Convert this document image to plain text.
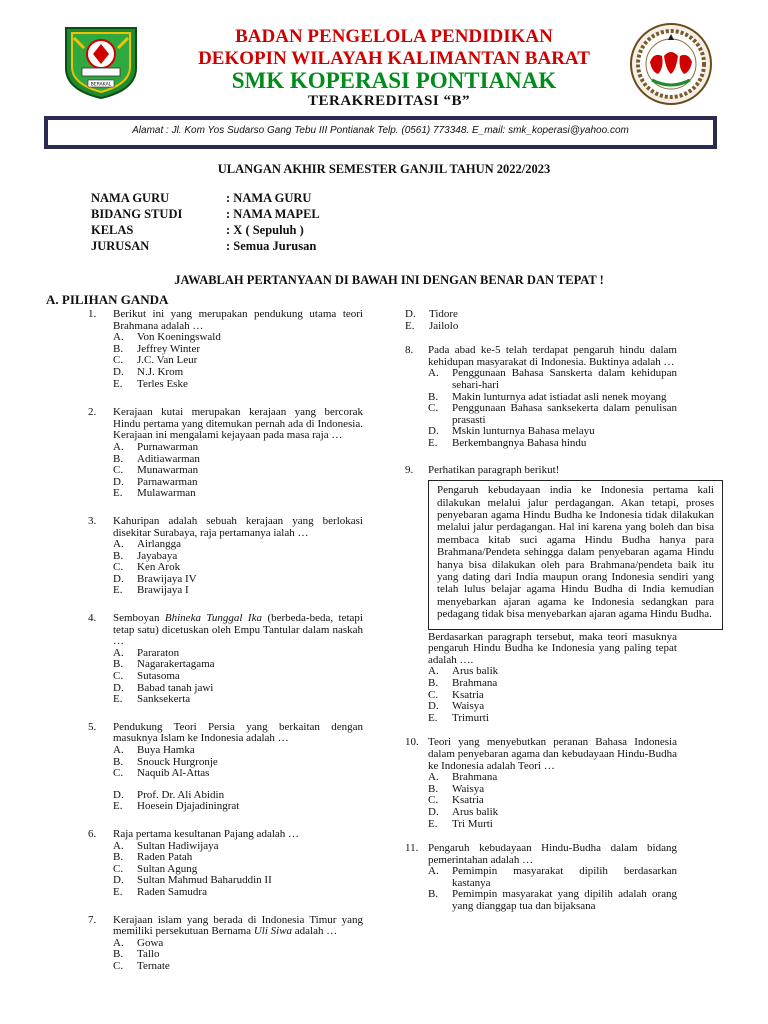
BERAKAL
BADAN PENGELOLA PENDIDIKAN
DEKOPIN WILAYAH KALIMANTAN BARAT
SMK KOPERASI PONTIANAK
TERAKREDITASI “B”
Alamat : Jl. Kom Yos Sudarso Gang Tebu III Pontianak Telp. (0561) 773348. E_mail: smk_koperasi@yahoo.com
ULANGAN AKHIR SEMESTER GANJIL TAHUN 2022/2023
NAMA GURU	: NAMA GURU
BIDANG STUDI	: NAMA MAPEL
KELAS	: X ( Sepuluh )
JURUSAN	: Semua Jurusan
JAWABLAH PERTANYAAN DI BAWAH INI DENGAN BENAR DAN TEPAT !
A. PILIHAN GANDA
1. Berikut ini yang merupakan pendukung utama teori Brahmana adalah …
A. Von Koeningswald
B. Jeffrey Winter
C. J.C. Van Leur
D. N.J. Krom
E. Terles Eske
2. Kerajaan kutai merupakan kerajaan yang bercorak Hindu pertama yang ditemukan pernah ada di Indonesia. Kerajaan ini mengalami kejayaan pada masa raja …
A. Purnawarman
B. Aditiawarman
C. Munawarman
D. Parnawarman
E. Mulawarman
3. Kahuripan adalah sebuah kerajaan yang berlokasi disekitar Surabaya, raja pertamanya ialah …
A. Airlangga
B. Jayabaya
C. Ken Arok
D. Brawijaya IV
E. Brawijaya I
4. Semboyan Bhineka Tunggal Ika (berbeda-beda, tetapi tetap satu) dicetuskan oleh Empu Tantular dalam naskah …
A. Pararaton
B. Nagarakertagama
C. Sutasoma
D. Babad tanah jawi
E. Sanksekerta
5. Pendukung Teori Persia yang berkaitan dengan masuknya Islam ke Indonesia adalah …
A. Buya Hamka
B. Snouck Hurgronje
C. Naquib Al-Attas
D. Prof. Dr. Ali Abidin
E. Hoesein Djajadiningrat
6. Raja pertama kesultanan Pajang adalah …
A. Sultan Hadiwijaya
B. Raden Patah
C. Sultan Agung
D. Sultan Mahmud Baharuddin II
E. Raden Samudra
7. Kerajaan islam yang berada di Indonesia Timur yang memiliki persekutuan Bernama Uli Siwa adalah …
A. Gowa
B. Tallo
C. Ternate
D. Tidore
E. Jailolo
8. Pada abad ke-5 telah terdapat pengaruh hindu dalam kehidupan masyarakat di Indonesia. Buktinya adalah …
A. Penggunaan Bahasa Sanskerta dalam kehidupan sehari-hari
B. Makin lunturnya adat istiadat asli nenek moyang
C. Penggunaan Bahasa sanksekerta dalam penulisan prasasti
D. Mskin lunturnya Bahasa melayu
E. Berkembangnya Bahasa hindu
9. Perhatikan paragraph berikut!
Pengaruh kebudayaan india ke Indonesia pertama kali dilakukan melalui jalur perdagangan. Akan tetapi, proses penyebaran agama Hindu Budha ke Indonesia tidak dilakukan melalui jalur perdagangan. Hal ini karena yang boleh dan bisa membaca kitab suci agama Hindu Budha hanya para Brahmana/Pendeta sehingga dalam penyebaran agama Hindu hanya bisa dilakukan oleh para Brahmana/pendeta baik itu yang dating dari India maupun orang Indonesia sendiri yang telah lulus belajar agama Hindu Budha di India kemudian menyebarkan ajaran agama ke Indonesia sedangkan para pedagang tidak bisa menyebarkan ajaran agama Hindu Budha.
Berdasarkan paragraph tersebut, maka teori masuknya pengaruh Hindu Budha ke Indonesia yang paling tepat adalah ….
A. Arus balik
B. Brahmana
C. Ksatria
D. Waisya
E. Trimurti
10. Teori yang menyebutkan peranan Bahasa Indonesia dalam penyebaran agama dan kebudayaan Hindu-Budha ke Indonesia adalah Teori …
A. Brahmana
B. Waisya
C. Ksatria
D. Arus balik
E. Tri Murti
11. Pengaruh kebudayaan Hindu-Budha dalam bidang pemerintahan adalah …
A. Pemimpin masyarakat dipilih berdasarkan kastanya
B. Pemimpin masyarakat yang dipilih adalah orang yang dianggap tua dan bijaksana
